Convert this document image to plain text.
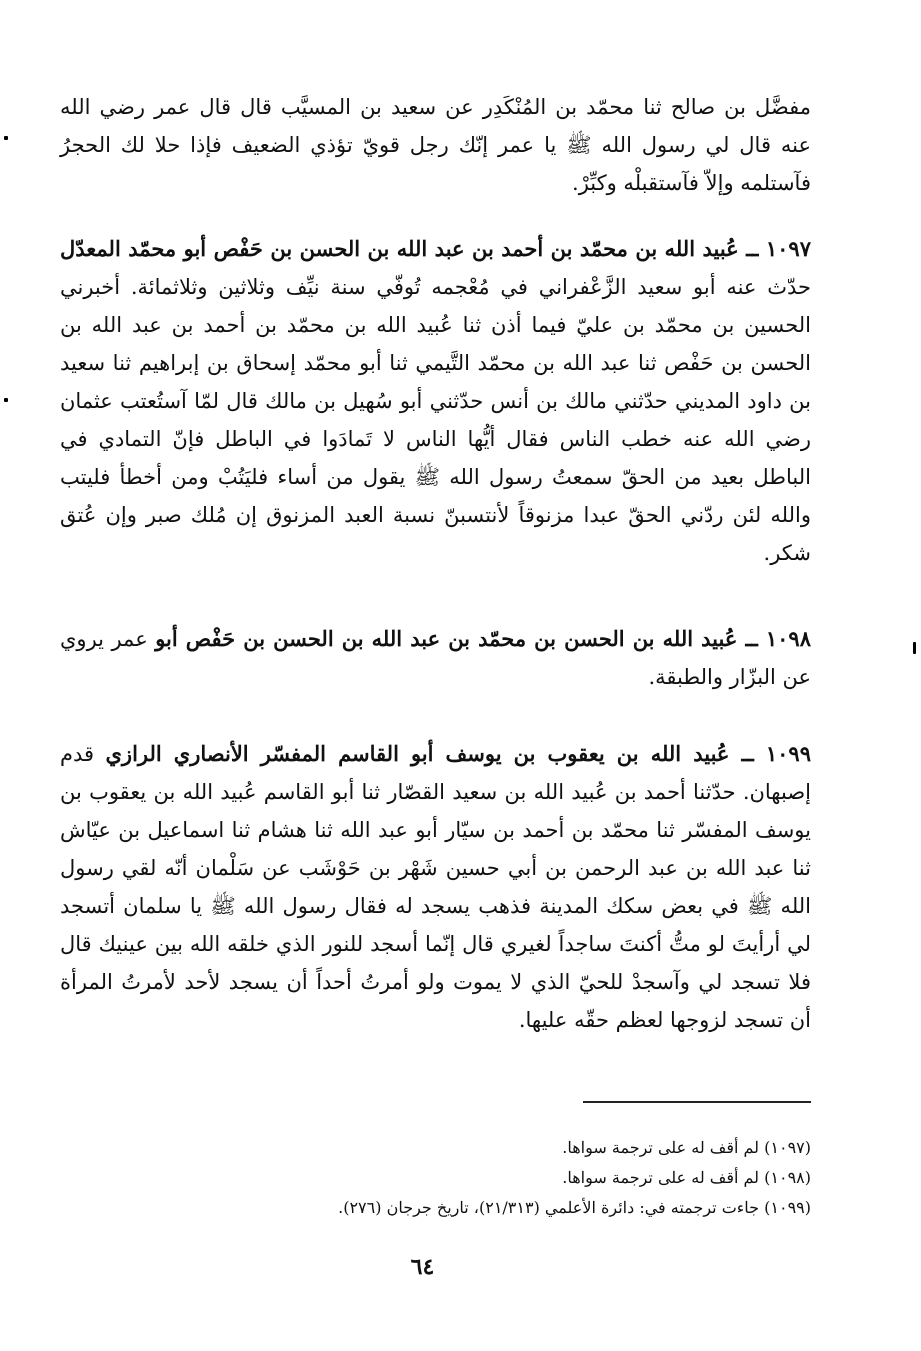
مفضَّل بن صالح ثنا محمّد بن المُنْكَدِر عن سعيد بن المسيَّب قال قال عمر رضي الله عنه قال لي رسول الله ﷺ يا عمر إنّك رجل قويّ تؤذي الضعيف فإذا حلا لك الحجرُ فآستلمه وإلاّ فآستقبلْه وكبِّرْ.
١٠٩٧ ــ عُبيد الله بن محمّد بن أحمد بن عبد الله بن الحسن بن حَفْص أبو محمّد المعدّل حدّث عنه أبو سعيد الزَّعْفراني في مُعْجمه تُوفّي سنة نيِّف وثلاثين وثلاثمائة. أخبرني الحسين بن محمّد بن عليّ فيما أذن ثنا عُبيد الله بن محمّد بن أحمد بن عبد الله بن الحسن بن حَفْص ثنا عبد الله بن محمّد التَّيمي ثنا أبو محمّد إسحاق بن إبراهيم ثنا سعيد بن داود المديني حدّثني مالك بن أنس حدّثني أبو سُهيل بن مالك قال لمّا آستُعتب عثمان رضي الله عنه خطب الناس فقال أيُّها الناس لا تَمادَوا في الباطل فإنّ التمادي في الباطل بعيد من الحقّ سمعتُ رسول الله ﷺ يقول من أساء فليَتُبْ ومن أخطأ فليتب والله لئن ردّني الحقّ عبدا مزنوقاً لأنتسبنّ نسبة العبد المزنوق إن مُلك صبر وإن عُتق شكر.
١٠٩٨ ــ عُبيد الله بن الحسن بن محمّد بن عبد الله بن الحسن بن حَفْص أبو عمر يروي عن البزّار والطبقة.
١٠٩٩ ــ عُبيد الله بن يعقوب بن يوسف أبو القاسم المفسّر الأنصاري الرازي قدم إصبهان. حدّثنا أحمد بن عُبيد الله بن سعيد القصّار ثنا أبو القاسم عُبيد الله بن يعقوب بن يوسف المفسّر ثنا محمّد بن أحمد بن سيّار أبو عبد الله ثنا هشام ثنا اسماعيل بن عيّاش ثنا عبد الله بن عبد الرحمن بن أبي حسين شَهْر بن حَوْشَب عن سَلْمان أنّه لقي رسول الله ﷺ في بعض سكك المدينة فذهب يسجد له فقال رسول الله ﷺ يا سلمان أتسجد لي أرأيتَ لو متُّ أكنتَ ساجداً لغيري قال إنّما أسجد للنور الذي خلقه الله بين عينيك قال فلا تسجد لي وآسجدْ للحيّ الذي لا يموت ولو أمرتُ أحداً أن يسجد لأحد لأمرتُ المرأة أن تسجد لزوجها لعظم حقّه عليها.
(١٠٩٧) لم أقف له على ترجمة سواها.
(١٠٩٨) لم أقف له على ترجمة سواها.
(١٠٩٩) جاءت ترجمته في: دائرة الأعلمي (٢١/٣١٣)، تاريخ جرجان (٢٧٦).
٦٤
